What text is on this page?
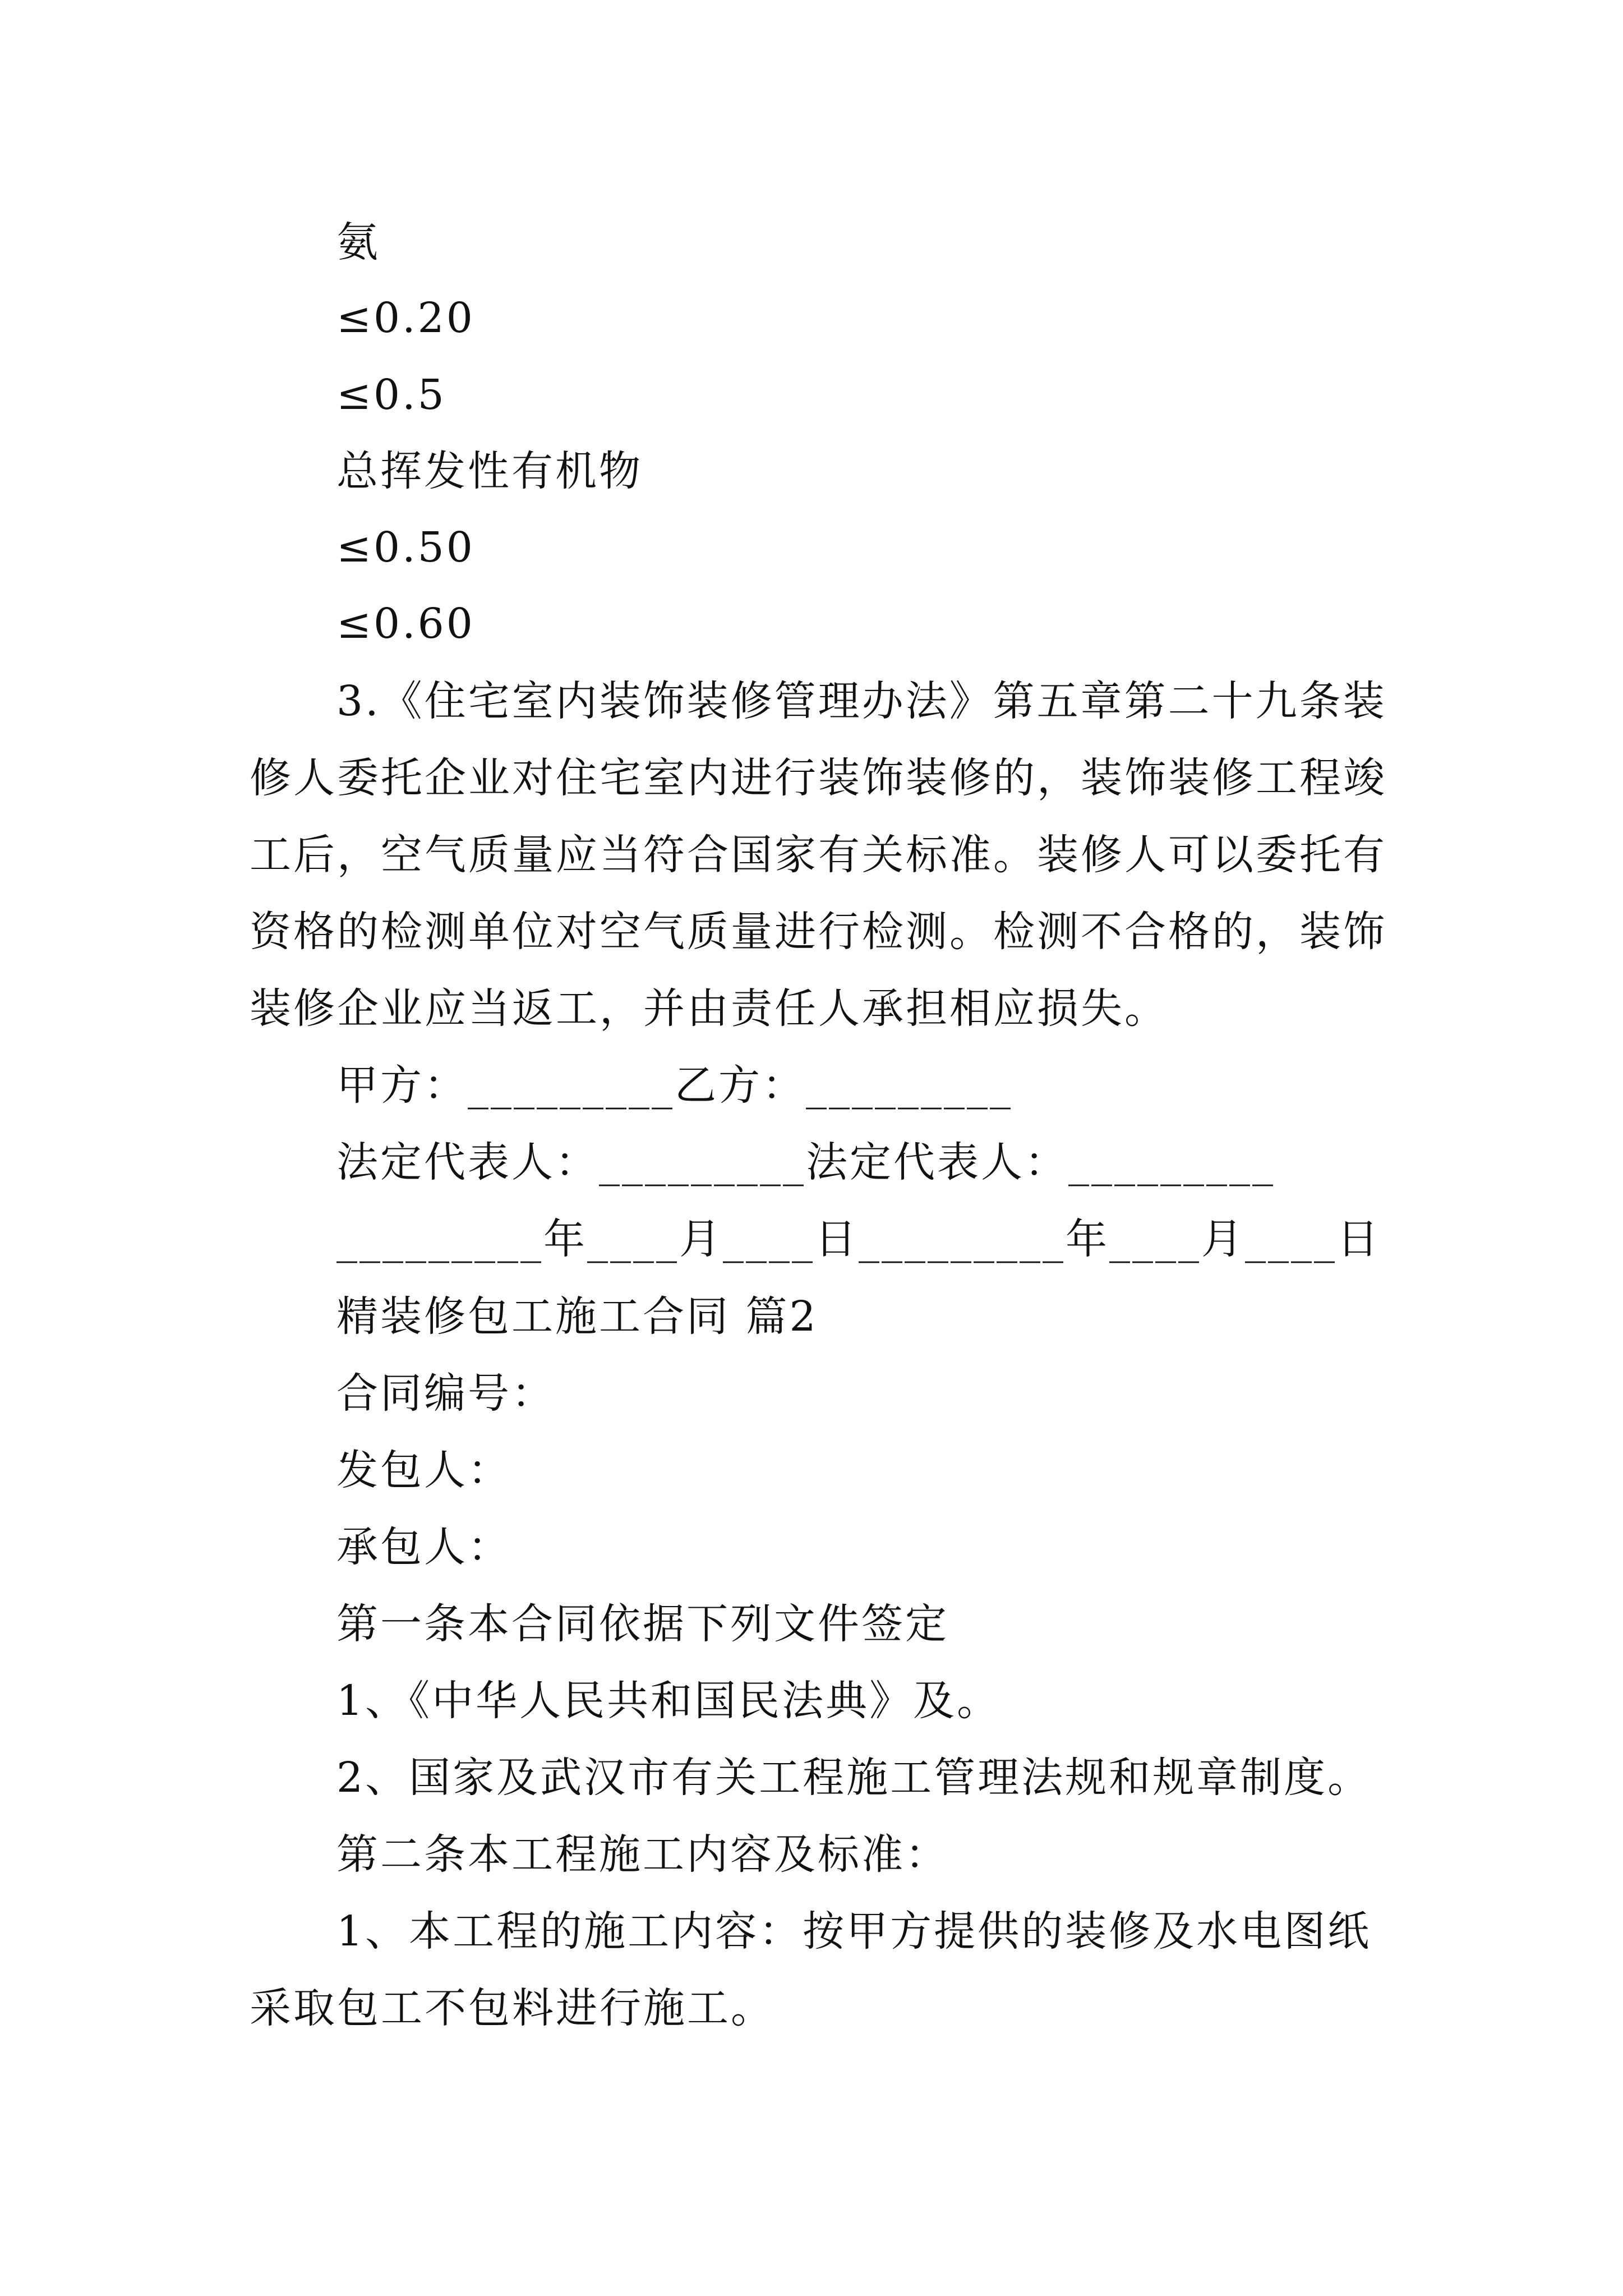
氨
≤0.20
≤0.5
总挥发性有机物
≤0.50
≤0.60
3.《住宅室内装饰装修管理办法》第五章第二十九条装
修人委托企业对住宅室内进行装饰装修的，装饰装修工程竣
工后，空气质量应当符合国家有关标准。装修人可以委托有
资格的检测单位对空气质量进行检测。检测不合格的，装饰
装修企业应当返工，并由责任人承担相应损失。
甲方：_________乙方：_________
法定代表人：_________法定代表人：_________
_________年____月____日_________年____月____日
精装修包工施工合同 篇2
合同编号：
发包人：
承包人：
第一条本合同依据下列文件签定
1、《中华人民共和国民法典》及。
2、国家及武汉市有关工程施工管理法规和规章制度。
第二条本工程施工内容及标准：
1、本工程的施工内容：按甲方提供的装修及水电图纸
采取包工不包料进行施工。
